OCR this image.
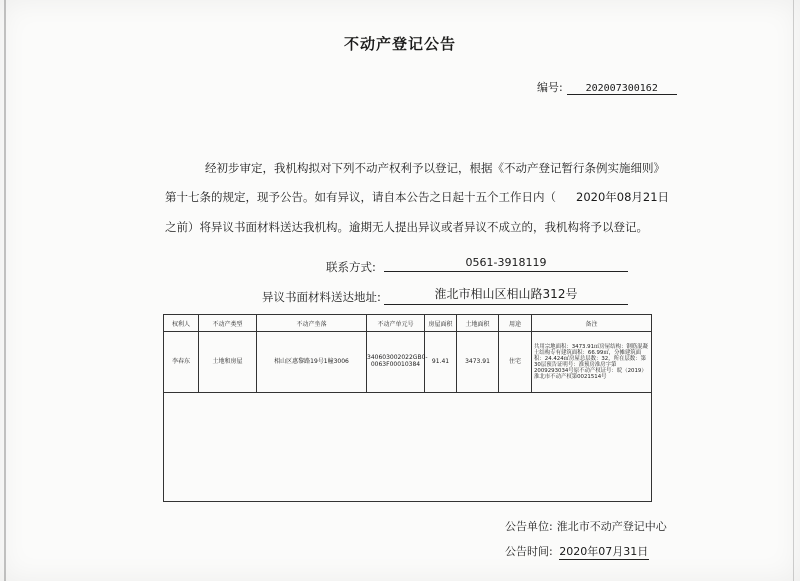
不动产登记公告
编号: 202007300162
经初步审定，我机构拟对下列不动产权利予以登记，根据《不动产登记暂行条例实施细则》
第十七条的规定，现予公告。如有异议，请自本公告之日起十五个工作日内（ 2020年08月21日
之前）将异议书面材料送达我机构。逾期无人提出异议或者异议不成立的，我机构将予以登记。
联系方式:	0561-3918119
异议书面材料送达地址:	淮北市相山区相山路312号
权利人	不动产类型	不动产坐落	不动产单元号	房屋面积	土地面积	用途	备注
李春东	土地和房屋	相山区惠黎路19号1幢3006	340603002022GB0-0063F00010384	91.41	3473.91	住宅	共用宗地面积：3473.91㎡房屋结构：钢筋混凝土结构专有建筑面积：66.99㎡，分摊建筑面积：24.424㎡房屋总层数：32，所在层数：第30层预告证明号：淮预房准房字第2009293034号原不动产权证号：皖（2019）淮北市不动产权第0021514号

公告单位: 淮北市不动产登记中心
公告时间: 2020年07月31日
